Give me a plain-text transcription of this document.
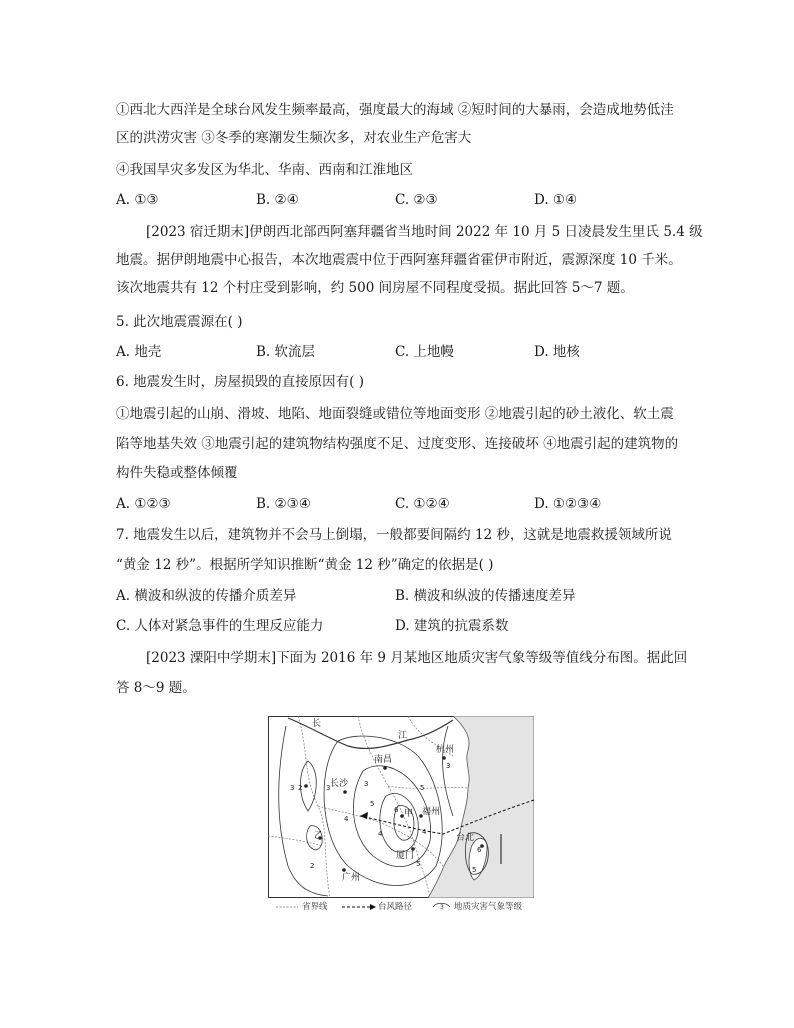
①西北大西洋是全球台风发生频率最高，强度最大的海域 ②短时间的大暴雨，会造成地势低洼
区的洪涝灾害 ③冬季的寒潮发生频次多，对农业生产危害大
④我国旱灾多发区为华北、华南、西南和江淮地区
A. ①③	B. ②④	C. ②③	D. ①④
[2023 宿迁期末]伊朗西北部西阿塞拜疆省当地时间 2022 年 10 月 5 日凌晨发生里氏 5.4 级
地震。据伊朗地震中心报告，本次地震震中位于西阿塞拜疆省霍伊市附近，震源深度 10 千米。
该次地震共有 12 个村庄受到影响，约 500 间房屋不同程度受损。据此回答 5～7 题。
5. 此次地震震源在( )
A. 地壳	B. 软流层	C. 上地幔	D. 地核
6. 地震发生时，房屋损毁的直接原因有( )
①地震引起的山崩、滑坡、地陷、地面裂缝或错位等地面变形 ②地震引起的砂土液化、软土震
陷等地基失效 ③地震引起的建筑物结构强度不足、过度变形、连接破坏 ④地震引起的建筑物的
构件失稳或整体倾覆
A. ①②③	B. ②③④	C. ①②④	D. ①②③④
7. 地震发生以后，建筑物并不会马上倒塌，一般都要间隔约 12 秒，这就是地震救援领域所说
“黄金 12 秒”。根据所学知识推断“黄金 12 秒”确定的依据是( )
A. 横波和纵波的传播介质差异	B. 横波和纵波的传播速度差异
C. 人体对紧急事件的生理反应能力	D. 建筑的抗震系数
[2023 溧阳中学期末]下面为 2016 年 9 月某地区地质灾害气象等级等值线分布图。据此回
答 8～9 题。
长
江
杭州
长沙
南昌
福州
甲
乙
厦门
台北
广州
3 2	3
4
5
6
4
3
2	5
6
5
3
5
4
省界线	台风路径	3 地质灾害气象等级
